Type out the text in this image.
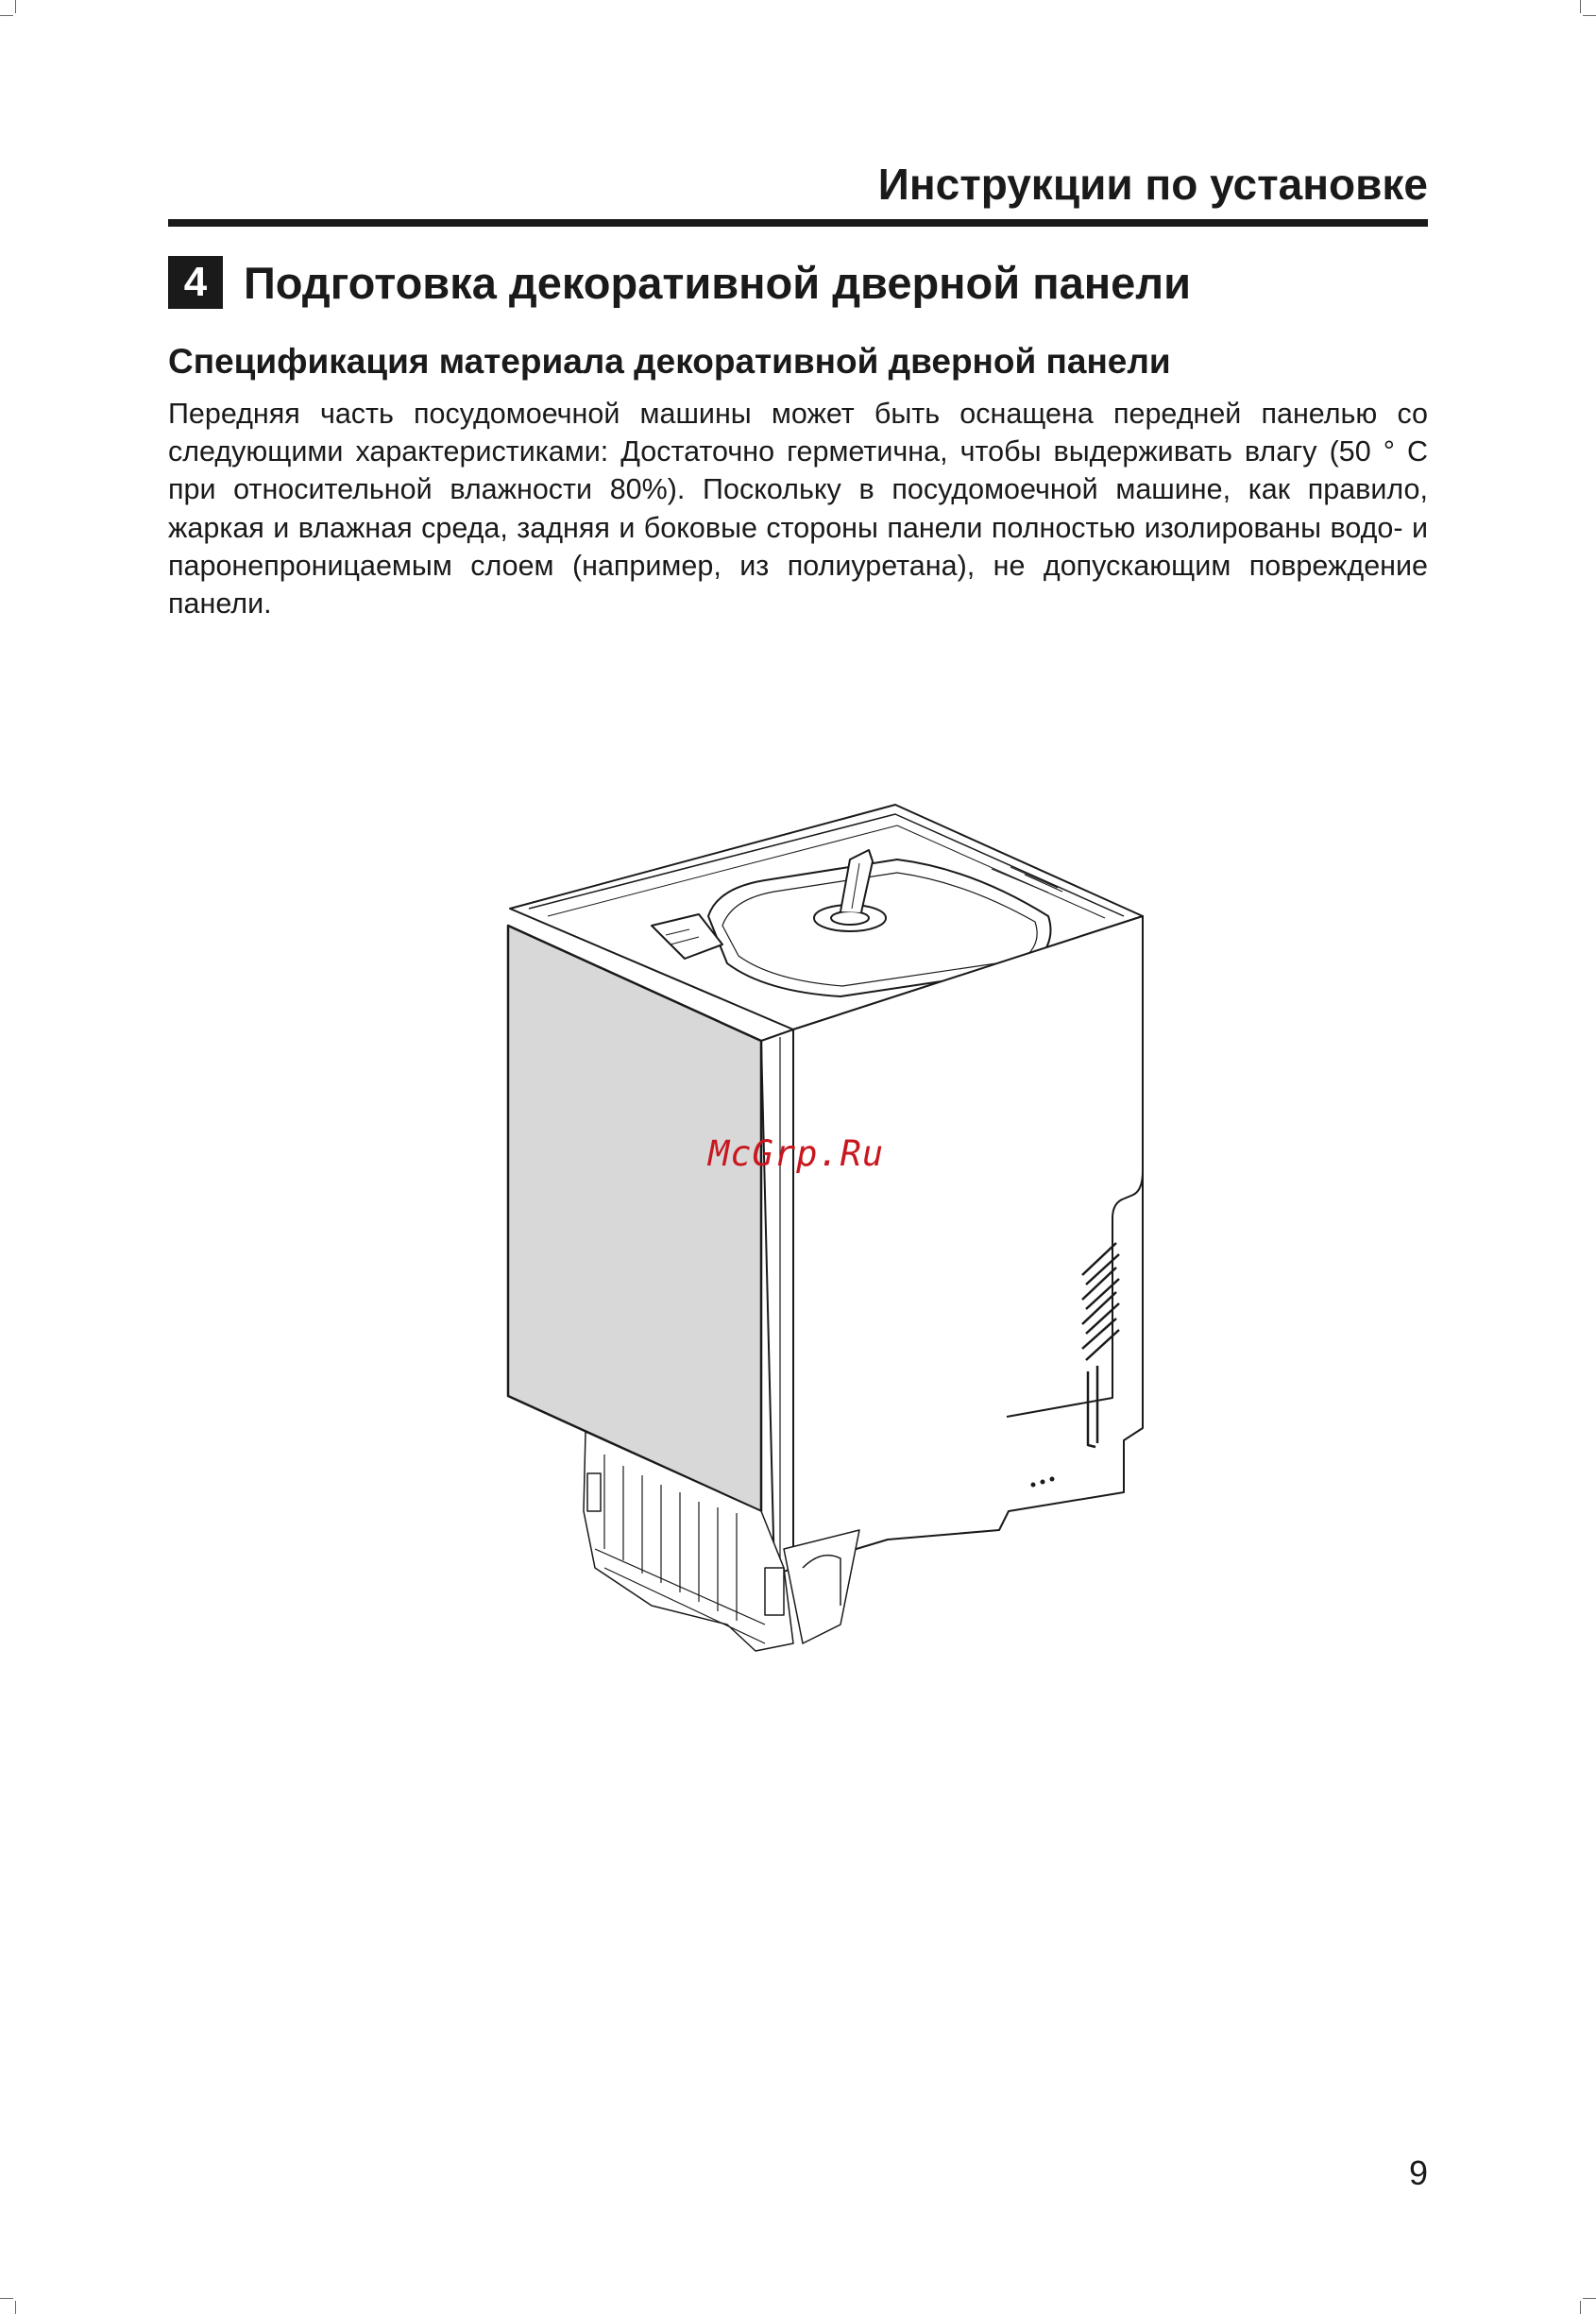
Инструкции по установке
4 Подготовка декоративной дверной панели
Спецификация материала декоративной дверной панели

Передняя часть посудомоечной машины может быть оснащена передней панелью со следующими характеристиками: Достаточно герметична, чтобы выдерживать влагу (50 ° C при относительной влажности 80%). Поскольку в посудомоечной машине, как правило, жаркая и влажная среда, задняя и боковые стороны панели полностью изолированы водо- и паронепроницаемым слоем (например, из полиуретана), не допускающим повреждение панели.

McGrp.Ru
9
